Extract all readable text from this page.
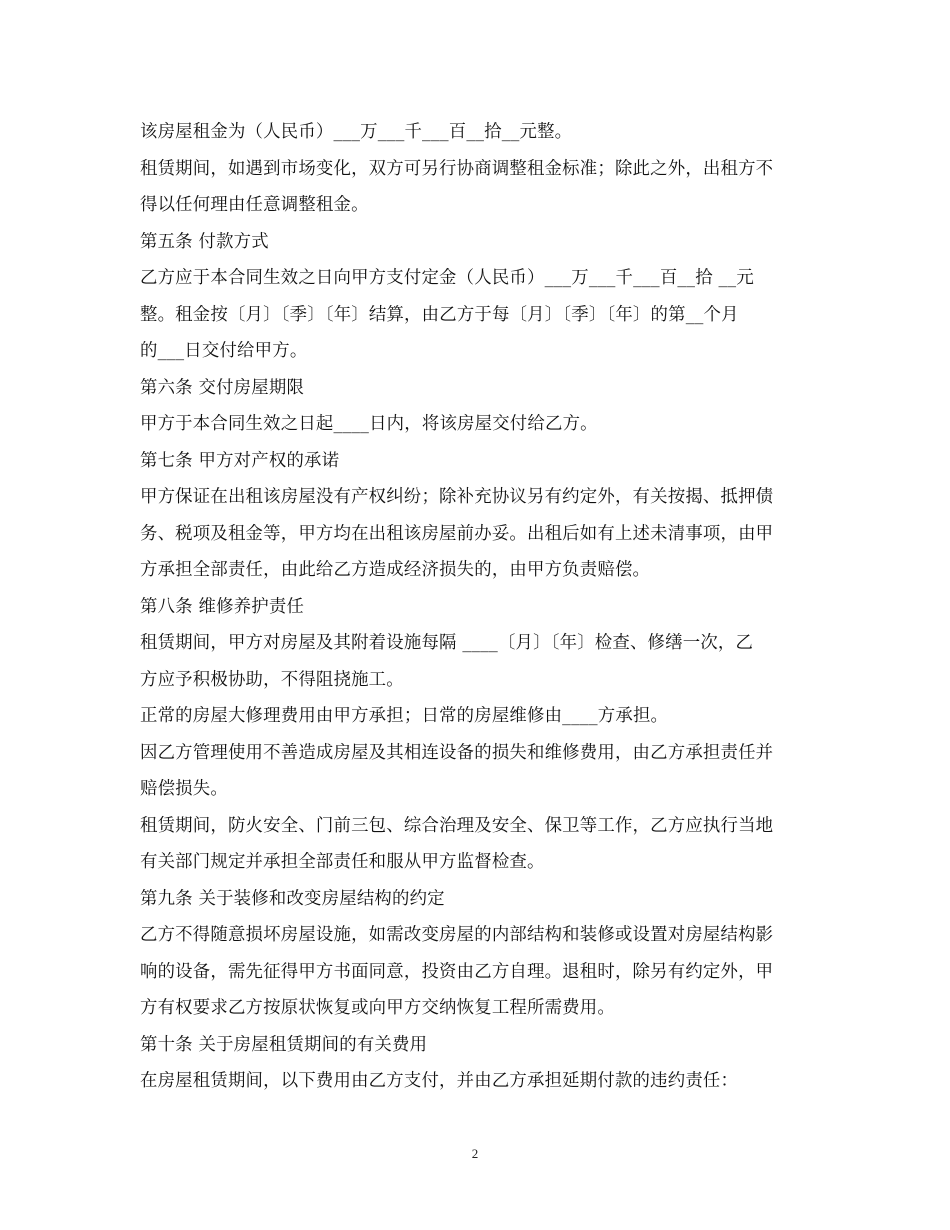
该房屋租金为（人民币）___万___千___百__拾__元整。
租赁期间，如遇到市场变化，双方可另行协商调整租金标准；除此之外，出租方不
得以任何理由任意调整租金。
第五条 付款方式
乙方应于本合同生效之日向甲方支付定金（人民币）___万___千___百__拾 __元
整。租金按〔月〕〔季〕〔年〕结算，由乙方于每〔月〕〔季〕〔年〕的第__个月
的___日交付给甲方。
第六条 交付房屋期限
甲方于本合同生效之日起____日内，将该房屋交付给乙方。
第七条 甲方对产权的承诺
甲方保证在出租该房屋没有产权纠纷；除补充协议另有约定外，有关按揭、抵押债
务、税项及租金等，甲方均在出租该房屋前办妥。出租后如有上述未清事项，由甲
方承担全部责任，由此给乙方造成经济损失的，由甲方负责赔偿。
第八条 维修养护责任
租赁期间，甲方对房屋及其附着设施每隔 ____〔月〕〔年〕检查、修缮一次，乙
方应予积极协助，不得阻挠施工。
正常的房屋大修理费用由甲方承担；日常的房屋维修由____方承担。
因乙方管理使用不善造成房屋及其相连设备的损失和维修费用，由乙方承担责任并
赔偿损失。
租赁期间，防火安全、门前三包、综合治理及安全、保卫等工作，乙方应执行当地
有关部门规定并承担全部责任和服从甲方监督检查。
第九条 关于装修和改变房屋结构的约定
乙方不得随意损坏房屋设施，如需改变房屋的内部结构和装修或设置对房屋结构影
响的设备，需先征得甲方书面同意，投资由乙方自理。退租时，除另有约定外，甲
方有权要求乙方按原状恢复或向甲方交纳恢复工程所需费用。
第十条 关于房屋租赁期间的有关费用
在房屋租赁期间，以下费用由乙方支付，并由乙方承担延期付款的违约责任：
2
